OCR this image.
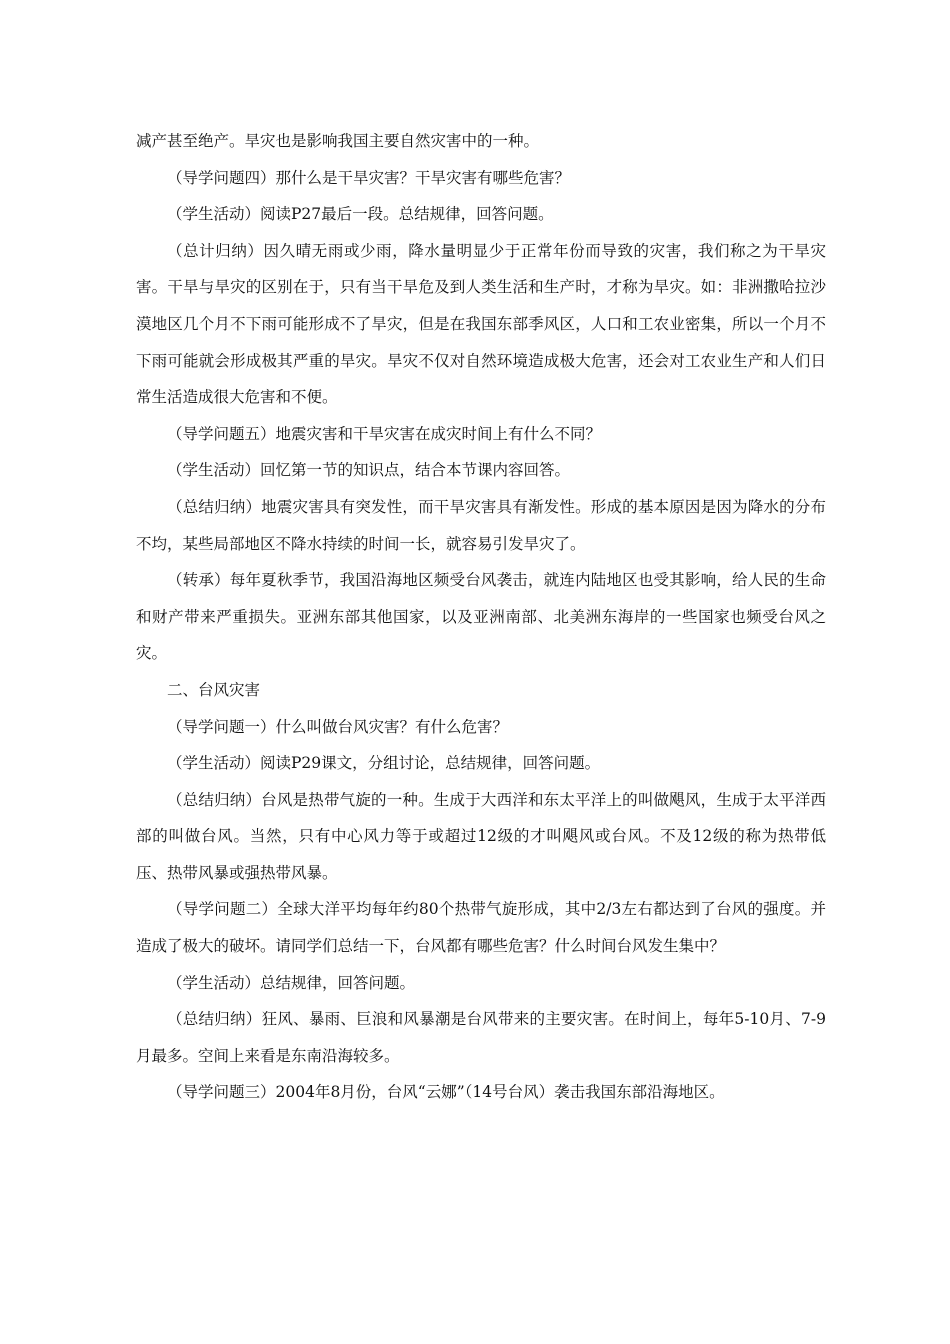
减产甚至绝产。旱灾也是影响我国主要自然灾害中的一种。

（导学问题四）那什么是干旱灾害？干旱灾害有哪些危害？

（学生活动）阅读P27最后一段。总结规律，回答问题。

（总计归纳）因久晴无雨或少雨，降水量明显少于正常年份而导致的灾害，我们称之为干旱灾害。干旱与旱灾的区别在于，只有当干旱危及到人类生活和生产时，才称为旱灾。如：非洲撒哈拉沙漠地区几个月不下雨可能形成不了旱灾，但是在我国东部季风区，人口和工农业密集，所以一个月不下雨可能就会形成极其严重的旱灾。旱灾不仅对自然环境造成极大危害，还会对工农业生产和人们日常生活造成很大危害和不便。

（导学问题五）地震灾害和干旱灾害在成灾时间上有什么不同？

（学生活动）回忆第一节的知识点，结合本节课内容回答。

（总结归纳）地震灾害具有突发性，而干旱灾害具有渐发性。形成的基本原因是因为降水的分布不均，某些局部地区不降水持续的时间一长，就容易引发旱灾了。

（转承）每年夏秋季节，我国沿海地区频受台风袭击，就连内陆地区也受其影响，给人民的生命和财产带来严重损失。亚洲东部其他国家，以及亚洲南部、北美洲东海岸的一些国家也频受台风之灾。

二、台风灾害

（导学问题一）什么叫做台风灾害？有什么危害？

（学生活动）阅读P29课文，分组讨论，总结规律，回答问题。

（总结归纳）台风是热带气旋的一种。生成于大西洋和东太平洋上的叫做飓风，生成于太平洋西部的叫做台风。当然，只有中心风力等于或超过12级的才叫飓风或台风。不及12级的称为热带低压、热带风暴或强热带风暴。

（导学问题二）全球大洋平均每年约80个热带气旋形成，其中2/3左右都达到了台风的强度。并造成了极大的破坏。请同学们总结一下，台风都有哪些危害？什么时间台风发生集中？

（学生活动）总结规律，回答问题。

（总结归纳）狂风、暴雨、巨浪和风暴潮是台风带来的主要灾害。在时间上，每年5-10月、7-9月最多。空间上来看是东南沿海较多。

（导学问题三）2004年8月份，台风“云娜”（14号台风）袭击我国东部沿海地区。
